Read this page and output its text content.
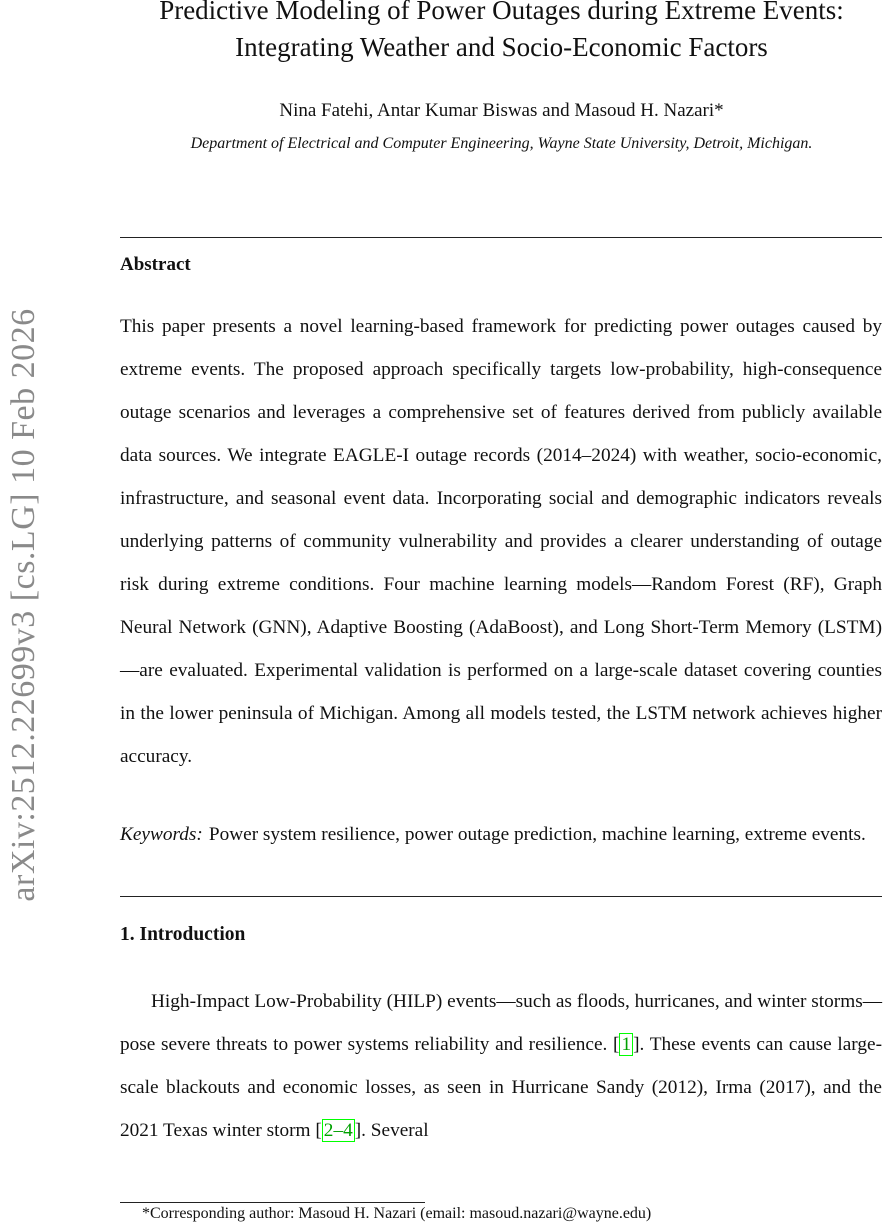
arXiv:2512.22699v3 [cs.LG] 10 Feb 2026
Predictive Modeling of Power Outages during Extreme Events: Integrating Weather and Socio-Economic Factors
Nina Fatehi, Antar Kumar Biswas and Masoud H. Nazari*
Department of Electrical and Computer Engineering, Wayne State University, Detroit, Michigan.
Abstract

This paper presents a novel learning-based framework for predicting power outages caused by extreme events. The proposed approach specifically targets low-probability, high-consequence outage scenarios and leverages a comprehensive set of features derived from publicly available data sources. We integrate EAGLE-I outage records (2014–2024) with weather, socio-economic, infrastructure, and seasonal event data. Incorporating social and demographic indicators reveals underlying patterns of community vulnerability and provides a clearer understanding of outage risk during extreme conditions. Four machine learning models—Random Forest (RF), Graph Neural Network (GNN), Adaptive Boosting (AdaBoost), and Long Short-Term Memory (LSTM) —are evaluated. Experimental validation is performed on a large-scale dataset covering counties in the lower peninsula of Michigan. Among all models tested, the LSTM network achieves higher accuracy.

Keywords: Power system resilience, power outage prediction, machine learning, extreme events.

1. Introduction

High-Impact Low-Probability (HILP) events—such as floods, hurricanes, and winter storms—pose severe threats to power systems reliability and resilience. [ 1 ]. These events can cause large-scale blackouts and economic losses, as seen in Hurricane Sandy (2012), Irma (2017), and the 2021 Texas winter storm [ 2–4 ]. Several

*Corresponding author: Masoud H. Nazari (email: masoud.nazari@wayne.edu)
